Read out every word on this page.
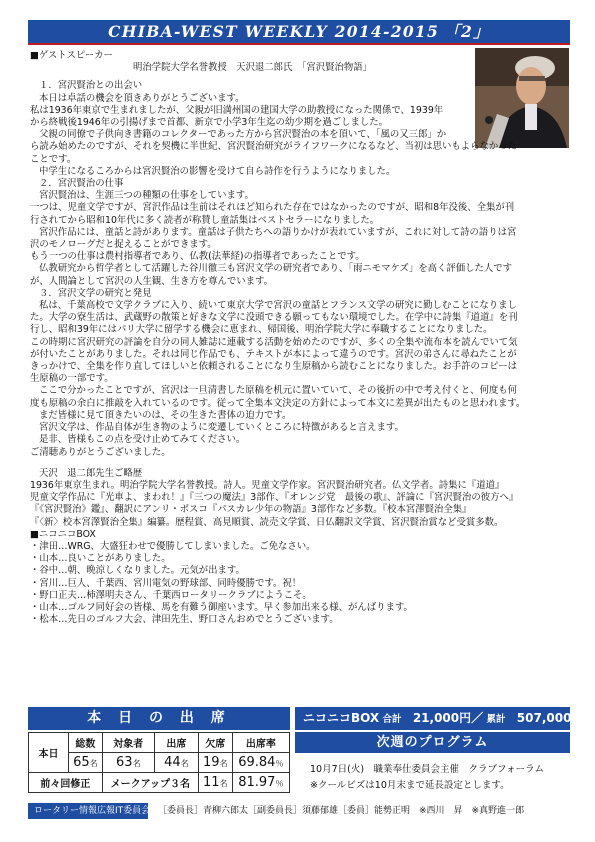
CHIBA-WEST WEEKLY 2014-2015 「2」

■ゲストスピーカー

明治学院大学名誉教授　天沢退二郎氏　「宮沢賢治物語」

１．宮沢賢治との出会い

本日は卓話の機会を頂きありがとうございます。

私は1936年東京で生まれましたが、父親が旧満州国の建国大学の助教授になった関係で、1939年

から終戦後1946年の引揚げまで首都、新京で小学3年生迄の幼少期を過ごしました。

父親の同僚で子供向き書籍のコレクターであった方から宮沢賢治の本を頂いて、「風の又三郎」か

ら読み始めたのですが、それを契機に半世紀、宮沢賢治研究がライフワークになるなど、当初は思いもよらなかった

ことです。

中学生になるころからは宮沢賢治の影響を受けて自ら詩作を行うようになりました。

２．宮沢賢治の仕事

宮沢賢治は、生涯三つの種類の仕事をしています。

一つは、児童文学ですが、宮沢作品は生前はそれほど知られた存在ではなかったのですが、昭和8年没後、全集が刊

行されてから昭和10年代に多く読者が称賛し童話集はベストセラーになりました。

宮沢作品には、童話と詩があります。童話は子供たちへの語りかけが表れていますが、これに対して詩の語りは宮

沢のモノローグだと捉えることができます。

もう一つの仕事は農村指導者であり、仏教(法華経)の指導者であったことです。

仏教研究から哲学者として活躍した谷川徹三も宮沢文学の研究者であり、「雨ニモマケズ」を高く評価した人です

が、人間論として宮沢の人生観、生き方を尊んでいます。

３．宮沢文学の研究と発見

私は、千葉高校で文学クラブに入り、続いて東京大学で宮沢の童話とフランス文学の研究に勤しむことになりまし

た。大学の寮生活は、武蔵野の散策と好きな文学に没頭できる願ってもない環境でした。在学中に詩集『道道』を刊

行し、昭和39年にはパリ大学に留学する機会に恵まれ、帰国後、明治学院大学に奉職することになりました。

この時期に宮沢研究の評論を自分の同人雑誌に連載する活動を始めたのですが、多くの全集や流布本を読んでいて気

が付いたことがありました。それは同じ作品でも、テキストが本によって違うのです。宮沢の弟さんに尋ねたことが

きっかけで、全集を作り直してほしいと依頼されることになり生原稿から読むことになりました。お手許のコピーは

生原稿の一部です。

ここで分かったことですが、宮沢は一旦清書した原稿を机元に置いていて、その後折の中で考え付くと、何度も何

度も原稿の余白に推敲を入れているのです。従って全集本文決定の方針によって本文に差異が出たものと思われます。

まだ皆様に見て頂きたいのは、その生きた書体の迫力です。

宮沢文学は、作品自体が生き物のように変遷していくところに特徴があると言えます。

是非、皆様もこの点を受け止めてみてください。

ご清聴ありがとうございました。

天沢　退二郎先生ご略歴

1936年東京生まれ。明治学院大学名誉教授。詩人。児童文学作家。宮沢賢治研究者。仏文学者。詩集に『道道』

児童文学作品に『光車よ、まわれ！』『三つの魔法』3部作、『オレンジ党　最後の歌』、評論に『宮沢賢治の彼方へ』

『《宮沢賢治》鑑』、翻訳にアンリ・ボスコ『パスカレ少年の物語』3部作など多数。『校本宮澤賢治全集』

『〈新〉校本宮澤賢治全集』編纂。歴程賞、高見順賞、読売文学賞、日仏翻訳文学賞、宮沢賢治賞など受賞多数。

■ニコニコBOX

・津田…WRG、大盛狂わせで優勝してしまいました。ご免なさい。

・山本…良いことがありました。

・谷中…朝、晩涼しくなりました。元気が出ます。

・宮川…巨人、千葉西、宮川電気の野球部、同時優勝です。祝！

・野口正夫…柿澤明夫さん、千葉西ロータリークラブにようこそ。

・山本…ゴルフ同好会の皆様、馬を有難う御座います。早く参加出来る様、がんばります。

・松本…先日のゴルフ大会、津田先生、野口さんおめでとうございます。

本 日 の 出 席
本日	総数	対象者	出席	欠席	出席率
	65名	63名	44名	19名	69.84％
前々回修正		メークアップ３名		11名	81.97％
ニコニコBOX 合計 21,000円／ 累計 507,000円
次週のプログラム

10月7日(火)　職業奉仕委員会主催　クラブフォーラム

※クールビズは10月末まで延長設定とします。

ロータリー情報広報IT委員会 ［委員長］青柳六郎太［副委員長］須藤郁雄［委員］能勢正明　※西川　昇　※真野進一郎
